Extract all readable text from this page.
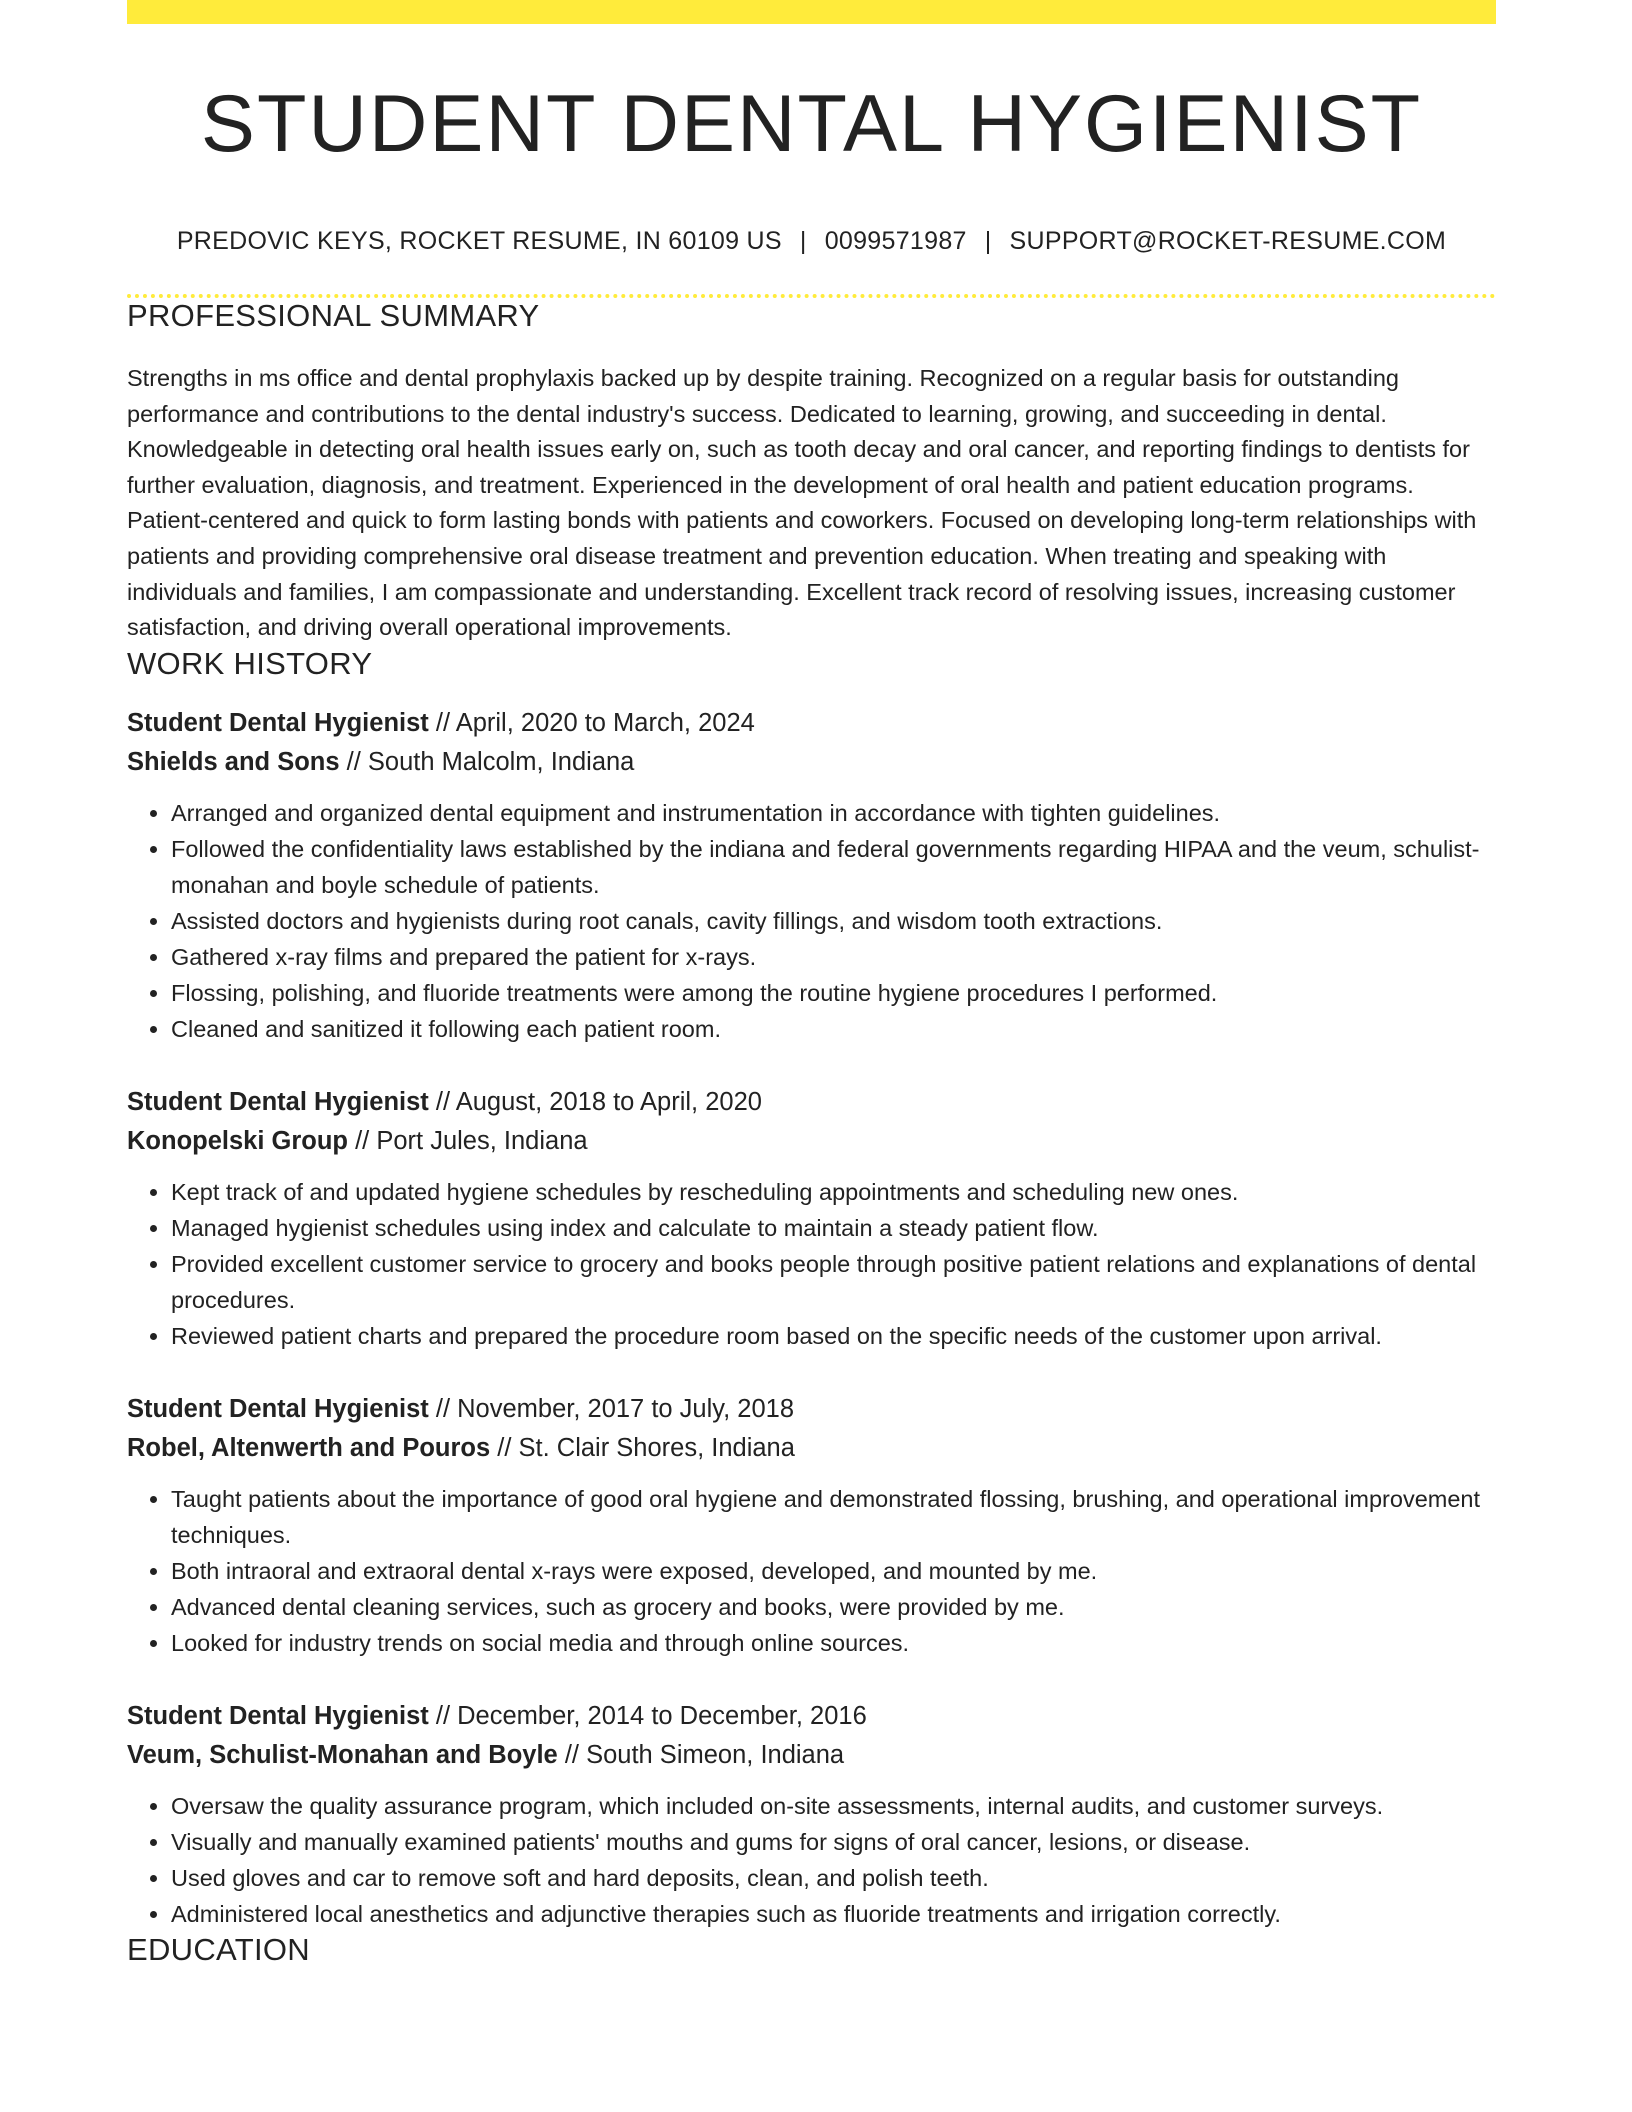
STUDENT DENTAL HYGIENIST
PREDOVIC KEYS, ROCKET RESUME, IN 60109 US | 0099571987 | SUPPORT@ROCKET-RESUME.COM
PROFESSIONAL SUMMARY

Strengths in ms office and dental prophylaxis backed up by despite training. Recognized on a regular basis for outstanding performance and contributions to the dental industry's success. Dedicated to learning, growing, and succeeding in dental. Knowledgeable in detecting oral health issues early on, such as tooth decay and oral cancer, and reporting findings to dentists for further evaluation, diagnosis, and treatment. Experienced in the development of oral health and patient education programs. Patient-centered and quick to form lasting bonds with patients and coworkers. Focused on developing long-term relationships with patients and providing comprehensive oral disease treatment and prevention education. When treating and speaking with individuals and families, I am compassionate and understanding. Excellent track record of resolving issues, increasing customer satisfaction, and driving overall operational improvements.

WORK HISTORY
Student Dental Hygienist // April, 2020 to March, 2024
Shields and Sons // South Malcolm, Indiana
• Arranged and organized dental equipment and instrumentation in accordance with tighten guidelines.
• Followed the confidentiality laws established by the indiana and federal governments regarding HIPAA and the veum, schulist-monahan and boyle schedule of patients.
• Assisted doctors and hygienists during root canals, cavity fillings, and wisdom tooth extractions.
• Gathered x-ray films and prepared the patient for x-rays.
• Flossing, polishing, and fluoride treatments were among the routine hygiene procedures I performed.
• Cleaned and sanitized it following each patient room.
Student Dental Hygienist // August, 2018 to April, 2020
Konopelski Group // Port Jules, Indiana
• Kept track of and updated hygiene schedules by rescheduling appointments and scheduling new ones.
• Managed hygienist schedules using index and calculate to maintain a steady patient flow.
• Provided excellent customer service to grocery and books people through positive patient relations and explanations of dental procedures.
• Reviewed patient charts and prepared the procedure room based on the specific needs of the customer upon arrival.
Student Dental Hygienist // November, 2017 to July, 2018
Robel, Altenwerth and Pouros // St. Clair Shores, Indiana
• Taught patients about the importance of good oral hygiene and demonstrated flossing, brushing, and operational improvement techniques.
• Both intraoral and extraoral dental x-rays were exposed, developed, and mounted by me.
• Advanced dental cleaning services, such as grocery and books, were provided by me.
• Looked for industry trends on social media and through online sources.
Student Dental Hygienist // December, 2014 to December, 2016
Veum, Schulist-Monahan and Boyle // South Simeon, Indiana
• Oversaw the quality assurance program, which included on-site assessments, internal audits, and customer surveys.
• Visually and manually examined patients' mouths and gums for signs of oral cancer, lesions, or disease.
• Used gloves and car to remove soft and hard deposits, clean, and polish teeth.
• Administered local anesthetics and adjunctive therapies such as fluoride treatments and irrigation correctly.
EDUCATION
